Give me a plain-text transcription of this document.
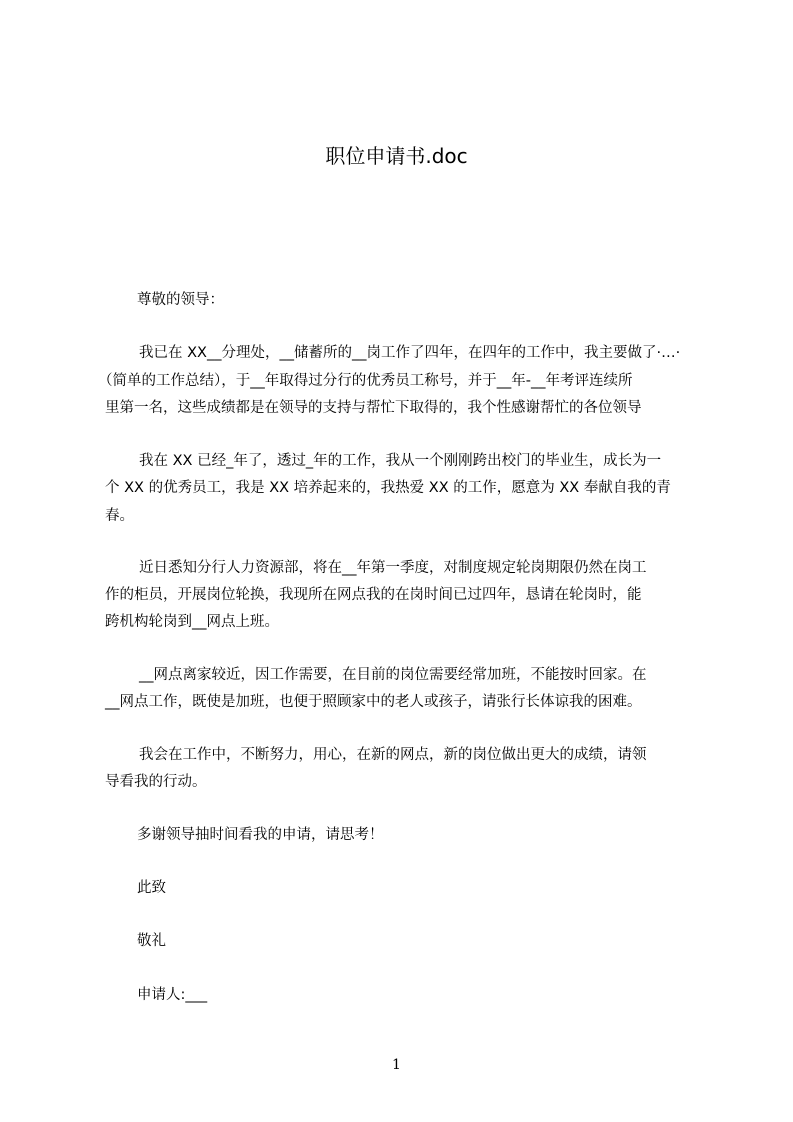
职位申请书.doc
尊敬的领导：
我已在 XX__分理处，__储蓄所的__岗工作了四年，在四年的工作中，我主要做了·…·
（简单的工作总结），于__年取得过分行的优秀员工称号，并于__年-__年考评连续所
里第一名，这些成绩都是在领导的支持与帮忙下取得的，我个性感谢帮忙的各位领导
我在 XX 已经_年了，透过_年的工作，我从一个刚刚跨出校门的毕业生，成长为一
个 XX 的优秀员工，我是 XX 培养起来的，我热爱 XX 的工作，愿意为 XX 奉献自我的青
春。
近日悉知分行人力资源部，将在__年第一季度，对制度规定轮岗期限仍然在岗工
作的柜员，开展岗位轮换，我现所在网点我的在岗时间已过四年，恳请在轮岗时，能
跨机构轮岗到__网点上班。
__网点离家较近，因工作需要，在目前的岗位需要经常加班，不能按时回家。在
__网点工作，既使是加班，也便于照顾家中的老人或孩子，请张行长体谅我的困难。
我会在工作中，不断努力，用心，在新的网点，新的岗位做出更大的成绩，请领
导看我的行动。
多谢领导抽时间看我的申请，请思考！
此致
敬礼
申请人:___
1
